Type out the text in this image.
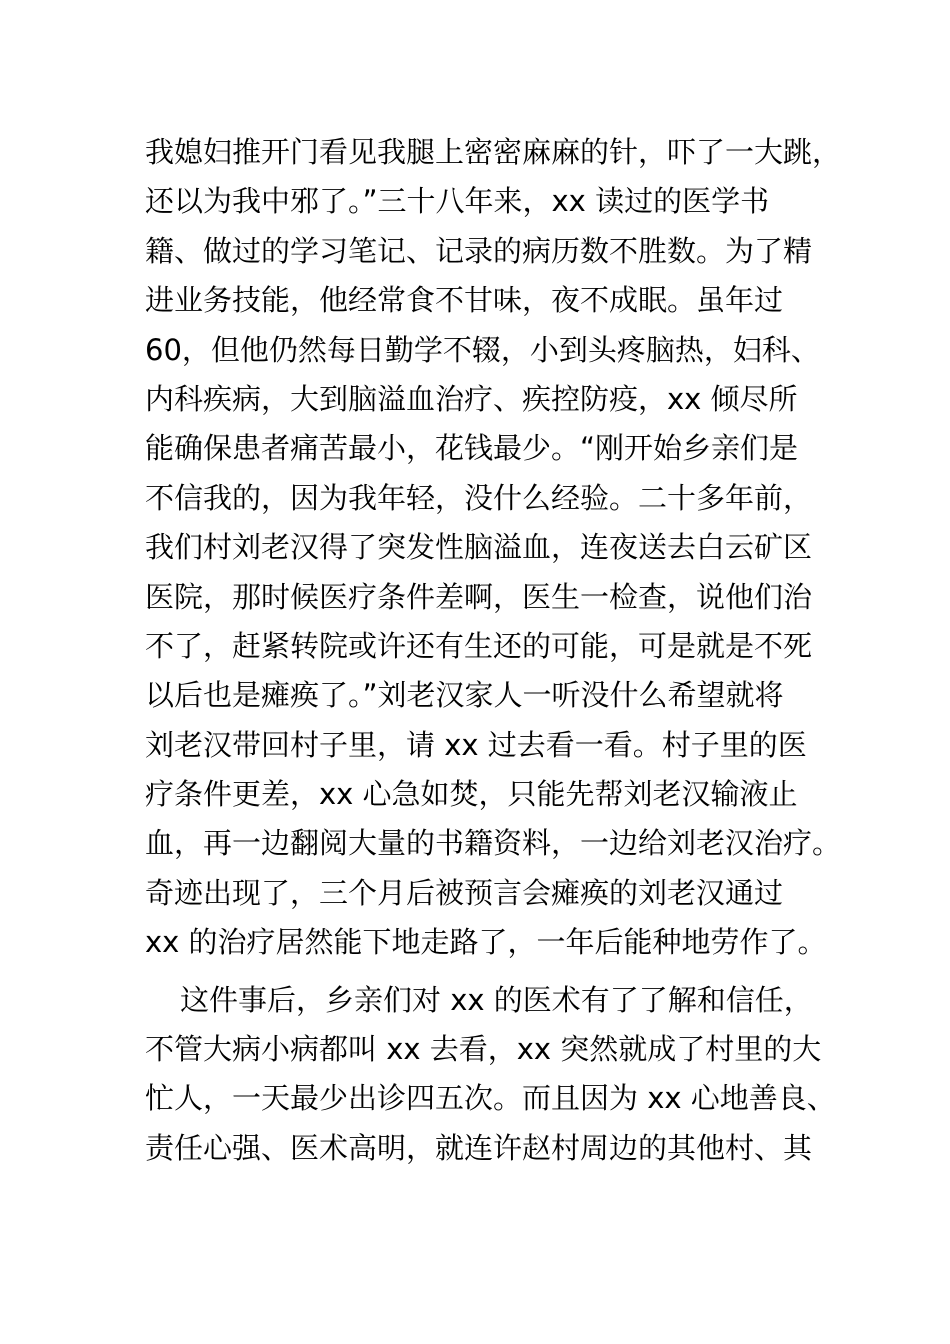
我媳妇推开门看见我腿上密密麻麻的针，吓了一大跳，
还以为我中邪了。”三十八年来，xx 读过的医学书
籍、做过的学习笔记、记录的病历数不胜数。为了精
进业务技能，他经常食不甘味，夜不成眠。虽年过
60，但他仍然每日勤学不辍，小到头疼脑热，妇科、
内科疾病，大到脑溢血治疗、疾控防疫，xx 倾尽所
能确保患者痛苦最小，花钱最少。“刚开始乡亲们是
不信我的，因为我年轻，没什么经验。二十多年前，
我们村刘老汉得了突发性脑溢血，连夜送去白云矿区
医院，那时候医疗条件差啊，医生一检查，说他们治
不了，赶紧转院或许还有生还的可能，可是就是不死
以后也是瘫痪了。”刘老汉家人一听没什么希望就将
刘老汉带回村子里，请 xx 过去看一看。村子里的医
疗条件更差，xx 心急如焚，只能先帮刘老汉输液止
血，再一边翻阅大量的书籍资料，一边给刘老汉治疗。
奇迹出现了，三个月后被预言会瘫痪的刘老汉通过
xx 的治疗居然能下地走路了，一年后能种地劳作了。
这件事后，乡亲们对 xx 的医术有了了解和信任，
不管大病小病都叫 xx 去看，xx 突然就成了村里的大
忙人，一天最少出诊四五次。而且因为 xx 心地善良、
责任心强、医术高明，就连许赵村周边的其他村、其
